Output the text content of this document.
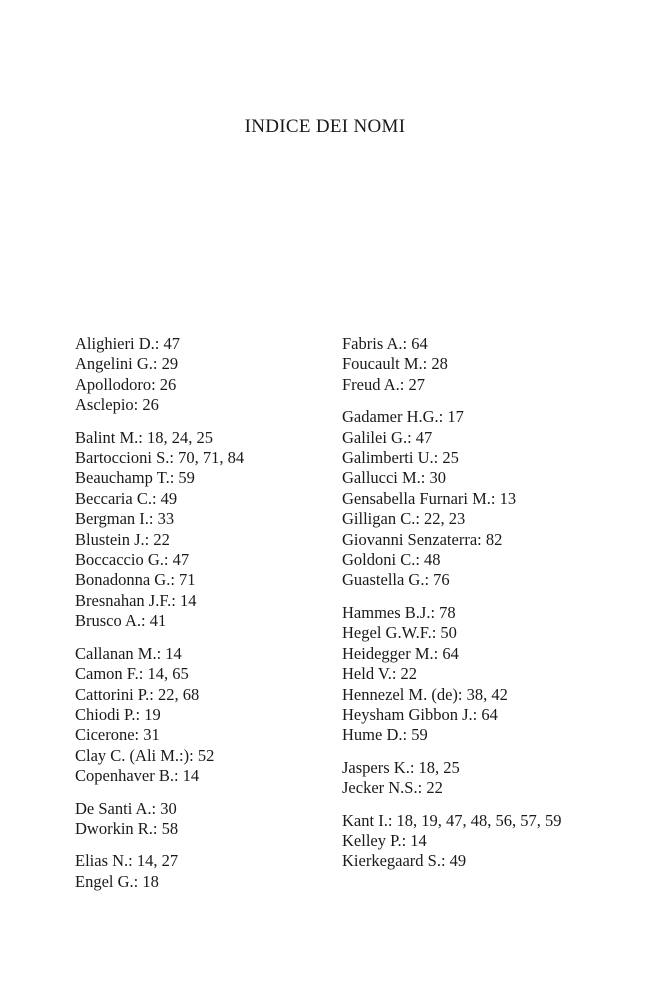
INDICE DEI NOMI
Alighieri D.: 47
Angelini G.: 29
Apollodoro: 26
Asclepio: 26
Balint M.: 18, 24, 25
Bartoccioni S.: 70, 71, 84
Beauchamp T.: 59
Beccaria C.: 49
Bergman I.: 33
Blustein J.: 22
Boccaccio G.: 47
Bonadonna G.: 71
Bresnahan J.F.: 14
Brusco A.: 41
Callanan M.: 14
Camon F.: 14, 65
Cattorini P.: 22, 68
Chiodi P.: 19
Cicerone: 31
Clay C. (Ali M.:): 52
Copenhaver B.: 14
De Santi A.: 30
Dworkin R.: 58
Elias N.: 14, 27
Engel G.: 18
Fabris A.: 64
Foucault M.: 28
Freud A.: 27
Gadamer H.G.: 17
Galilei G.: 47
Galimberti U.: 25
Gallucci M.: 30
Gensabella Furnari M.: 13
Gilligan C.: 22, 23
Giovanni Senzaterra: 82
Goldoni C.: 48
Guastella G.: 76
Hammes B.J.: 78
Hegel G.W.F.: 50
Heidegger M.: 64
Held V.: 22
Hennezel M. (de): 38, 42
Heysham Gibbon J.: 64
Hume D.: 59
Jaspers K.: 18, 25
Jecker N.S.: 22
Kant I.: 18, 19, 47, 48, 56, 57, 59
Kelley P.: 14
Kierkegaard S.: 49
